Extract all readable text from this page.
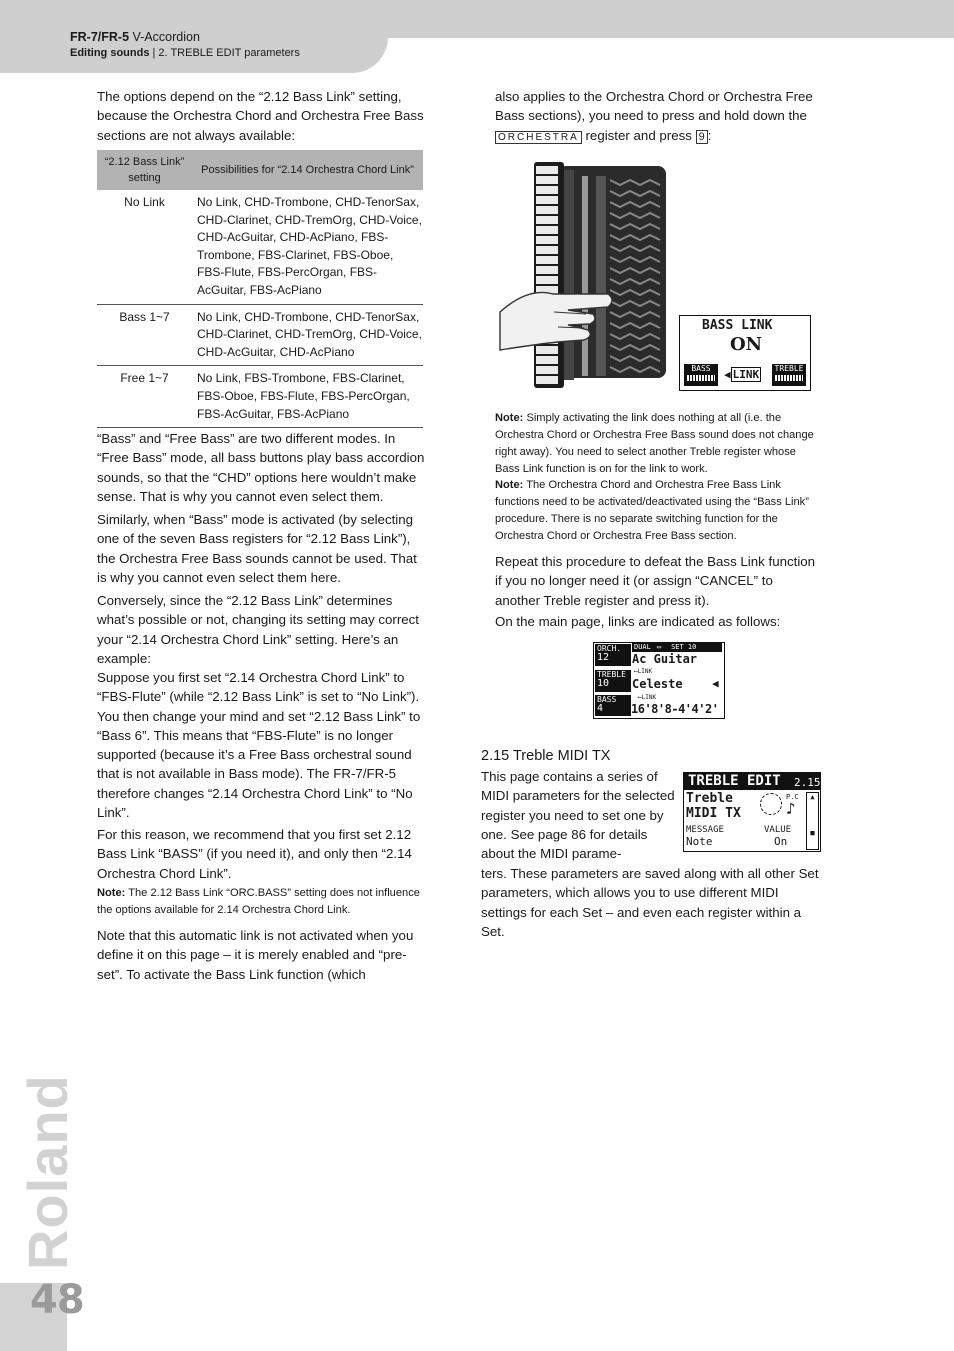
FR-7/FR-5 V-Accordion
Editing sounds | 2. TREBLE EDIT parameters

The options depend on the “2.12 Bass Link” setting, because the Orchestra Chord and Orchestra Free Bass sections are not always available:

“2.12 Bass Link” setting	Possibilities for “2.14 Orchestra Chord Link”
No Link	No Link, CHD-Trombone, CHD-TenorSax, CHD-Clarinet, CHD-TremOrg, CHD-Voice, CHD-AcGuitar, CHD-AcPiano, FBS-Trombone, FBS-Clarinet, FBS-Oboe, FBS-Flute, FBS-PercOrgan, FBS-AcGuitar, FBS-AcPiano
Bass 1~7	No Link, CHD-Trombone, CHD-TenorSax, CHD-Clarinet, CHD-TremOrg, CHD-Voice, CHD-AcGuitar, CHD-AcPiano
Free 1~7	No Link, FBS-Trombone, FBS-Clarinet, FBS-Oboe, FBS-Flute, FBS-PercOrgan, FBS-AcGuitar, FBS-AcPiano

“Bass” and “Free Bass” are two different modes. In “Free Bass” mode, all bass buttons play bass accordion sounds, so that the “CHD” options here wouldn’t make sense. That is why you cannot even select them.

Similarly, when “Bass” mode is activated (by selecting one of the seven Bass registers for “2.12 Bass Link”), the Orchestra Free Bass sounds cannot be used. That is why you cannot even select them here.

Conversely, since the “2.12 Bass Link” determines what’s possible or not, changing its setting may correct your “2.14 Orchestra Chord Link” setting. Here’s an example:

Suppose you first set “2.14 Orchestra Chord Link” to “FBS-Flute” (while “2.12 Bass Link” is set to “No Link”). You then change your mind and set “2.12 Bass Link” to “Bass 6”. This means that “FBS-Flute” is no longer supported (because it’s a Free Bass orchestral sound that is not available in Bass mode). The FR-7/FR-5 therefore changes “2.14 Orchestra Chord Link” to “No Link”.

For this reason, we recommend that you first set 2.12 Bass Link “BASS” (if you need it), and only then “2.14 Orchestra Chord Link”.

Note: The 2.12 Bass Link “ORC.BASS” setting does not influence the options available for 2.14 Orchestra Chord Link.

Note that this automatic link is not activated when you define it on this page – it is merely enabled and “pre-set”. To activate the Bass Link function (which

also applies to the Orchestra Chord or Orchestra Free Bass sections), you need to press and hold down the ORCHESTRA register and press 9 :

BASS LINK
ON
BASS	◀ LINK	TREBLE

Note: Simply activating the link does nothing at all (i.e. the Orchestra Chord or Orchestra Free Bass sound does not change right away). You need to select another Treble register whose Bass Link function is on for the link to work.

Note: The Orchestra Chord and Orchestra Free Bass Link functions need to be activated/deactivated using the “Bass Link” procedure. There is no separate switching function for the Orchestra Chord or Orchestra Free Bass section.

Repeat this procedure to defeat the Bass Link function if you no longer need it (or assign “CANCEL” to another Treble register and press it).

On the main page, links are indicated as follows:

ORCH.
12
DUAL ▭ SET 10
Ac Guitar
⟵LINK
TREBLE
10	Celeste	◀
BASS
4
⟵LINK
16'8'8-4'4'2'
2.15 Treble MIDI TX

This page contains a series of MIDI parameters for the selected register you need to set one by one. See page 86 for details about the MIDI parame-

ters. These parameters are saved along with all other Set parameters, which allows you to use different MIDI settings for each Set – and even each register within a Set.

TREBLE EDIT 2.15
Treble
MIDI TX
P.C
♪
▲
■
MESSAGE	VALUE
Note	On
Roland
48
